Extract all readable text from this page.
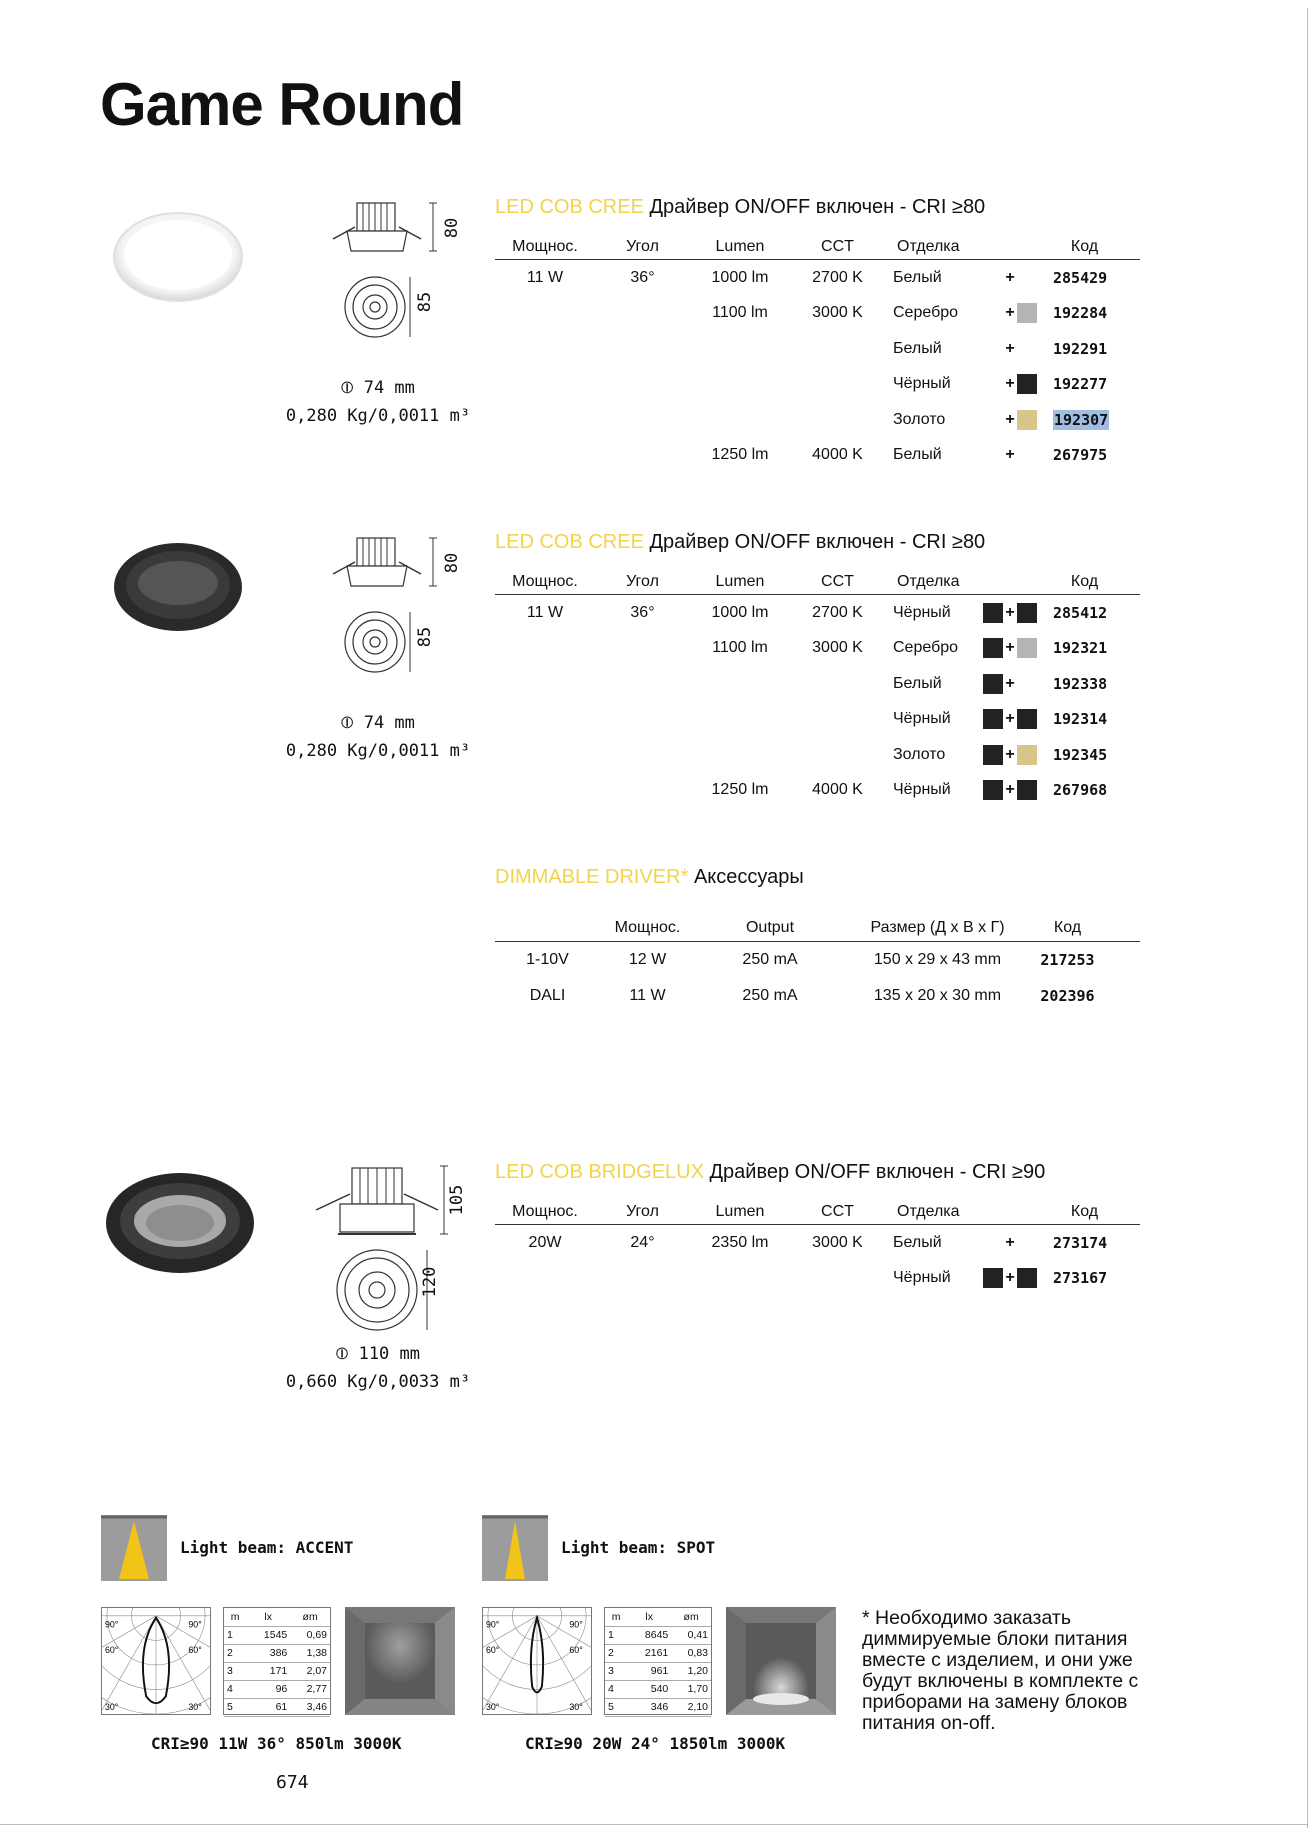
Game Round
80
85
⦶ 74 mm
0,280 Kg/0,0011 m³
LED COB CREE Драйвер ON/OFF включен - CRI ≥80
Мощнос.	Угол	Lumen	CCT	Отделка	Код
11 W	36°	1000 lm	2700 K	Белый	+	285429
1100 lm	3000 K	Серебро	+	192284
Белый	+	192291
Чёрный	+	192277
Золото	+	192307
1250 lm	4000 K	Белый	+	267975
80
85
⦶ 74 mm
0,280 Kg/0,0011 m³
LED COB CREE Драйвер ON/OFF включен - CRI ≥80
Мощнос.	Угол	Lumen	CCT	Отделка	Код
11 W	36°	1000 lm	2700 K	Чёрный	+	285412
1100 lm	3000 K	Серебро	+	192321
Белый	+	192338
Чёрный	+	192314
Золото	+	192345
1250 lm	4000 K	Чёрный	+	267968
DIMMABLE DRIVER* Аксессуары
Мощнос.	Output	Размер (Д x В x Г)	Код
1-10V	12 W	250 mA	150 x 29 x 43 mm	217253
DALI	11 W	250 mA	135 x 20 x 30 mm	202396
105
120
⦶ 110 mm
0,660 Kg/0,0033 m³
LED COB BRIDGELUX Драйвер ON/OFF включен - CRI ≥90
Мощнос.	Угол	Lumen	CCT	Отделка	Код
20W	24°	2350 lm	3000 K	Белый	+	273174
Чёрный	+	273167
Light beam: ACCENT	Light beam: SPOT
90°	90°
60°	60°
30°	30°
m	lx	øm
1	1545	0,69
2	386	1,38
3	171	2,07
4	96	2,77
5	61	3,46
CRI≥90 11W 36° 850lm 3000K
90°	90°
60°	60°
30°	30°
m	lx	øm
1	8645	0,41
2	2161	0,83
3	961	1,20
4	540	1,70
5	346	2,10
CRI≥90 20W 24° 1850lm 3000K
* Необходимо заказать диммируемые блоки питания вместе с изделием, и они уже будут включены в комплекте с приборами на замену блоков питания on-off.
674
